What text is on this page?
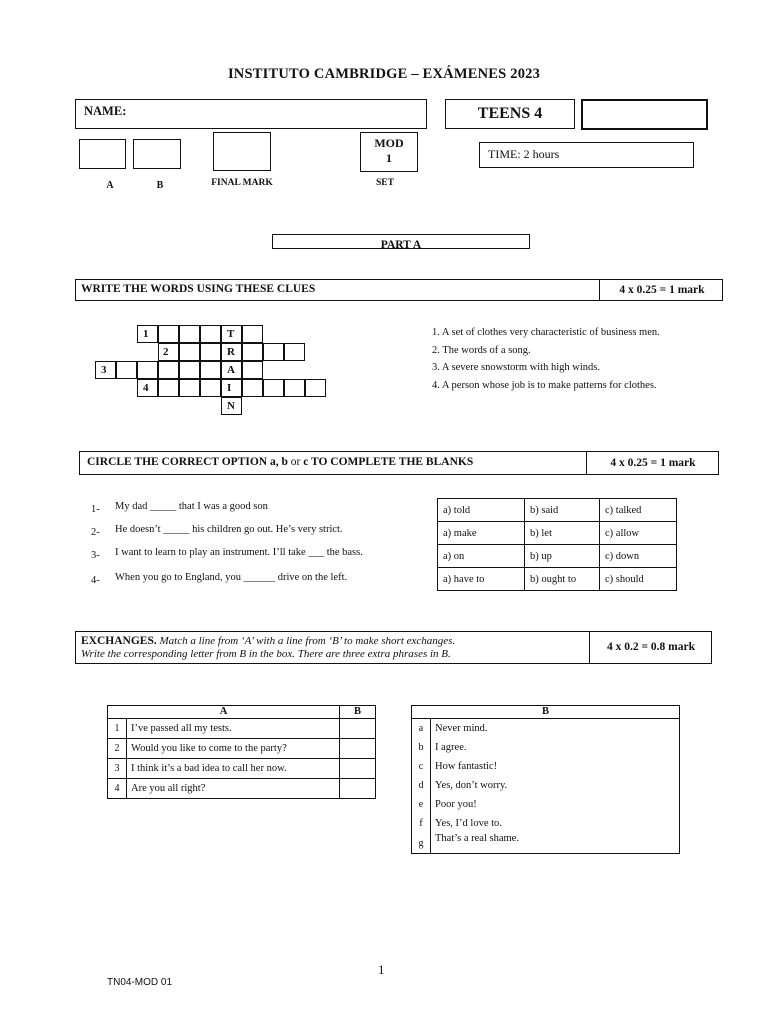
INSTITUTO CAMBRIDGE – EXÁMENES 2023
NAME:	TEENS 4
MOD
1	TIME: 2 hours
A	B	FINAL MARK	SET
PART A
WRITE THE WORDS USING THESE CLUES	4 x 0.25 = 1 mark
1	T
2	R
3	A
4	I
N
1. A set of clothes very characteristic of business men.
2. The words of a song.
3. A severe snowstorm with high winds.
4. A person whose job is to make patterns for clothes.
CIRCLE THE CORRECT OPTION a, b or c TO COMPLETE THE BLANKS	4 x 0.25 = 1 mark
1- My dad _____ that I was a good son
2- He doesn’t _____ his children go out. He’s very strict.
3- I want to learn to play an instrument. I’ll take ___ the bass.
4- When you go to England, you ______ drive on the left.
a) told	b) said	c) talked
a) make	b) let	c) allow
a) on	b) up	c) down
a) have to	b) ought to	c) should
EXCHANGES. Match a line from ‘A’ with a line from ‘B’ to make short exchanges.
Write the corresponding letter from B in the box. There are three extra phrases in B.
4 x 0.2 = 0.8 mark
A		B
1	I’ve passed all my tests.	
2	Would you like to come to the party?	
3	I think it’s a bad idea to call her now.	
4	Are you all right?	
B	
a	Never mind.
b	I agree.
c	How fantastic!
d	Yes, don’t worry.
e	Poor you!
f	Yes, I’d love to.
g	That’s a real shame.
1
TN04-MOD 01
